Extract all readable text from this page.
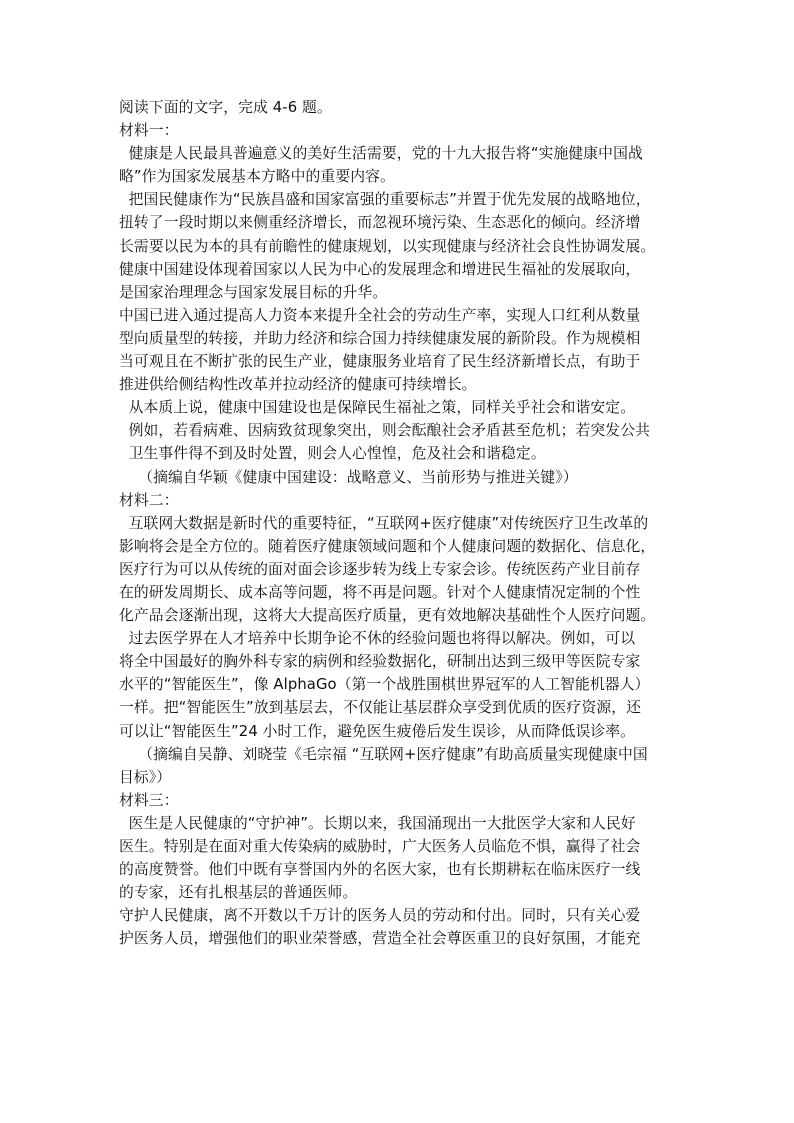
阅读下面的文字，完成 4-6 题。
材料一：
健康是人民最具普遍意义的美好生活需要，党的十九大报告将“实施健康中国战
略”作为国家发展基本方略中的重要内容。
把国民健康作为“民族昌盛和国家富强的重要标志”并置于优先发展的战略地位，
扭转了一段时期以来侧重经济增长，而忽视环境污染、生态恶化的倾向。经济增
长需要以民为本的具有前瞻性的健康规划，以实现健康与经济社会良性协调发展。
健康中国建设体现着国家以人民为中心的发展理念和增进民生福祉的发展取向，
是国家治理理念与国家发展目标的升华。
中国已进入通过提高人力资本来提升全社会的劳动生产率，实现人口红利从数量
型向质量型的转接，并助力经济和综合国力持续健康发展的新阶段。作为规模相
当可观且在不断扩张的民生产业，健康服务业培育了民生经济新增长点，有助于
推进供给侧结构性改革并拉动经济的健康可持续增长。
从本质上说，健康中国建设也是保障民生福祉之策，同样关乎社会和谐安定。
例如，若看病难、因病致贫现象突出，则会酝酿社会矛盾甚至危机；若突发公共
卫生事件得不到及时处置，则会人心惶惶，危及社会和谐稳定。
（摘编自华颖《健康中国建设：战略意义、当前形势与推进关键》）
材料二：
互联网大数据是新时代的重要特征，“互联网+医疗健康”对传统医疗卫生改革的
影响将会是全方位的。随着医疗健康领域问题和个人健康问题的数据化、信息化，
医疗行为可以从传统的面对面会诊逐步转为线上专家会诊。传统医药产业目前存
在的研发周期长、成本高等问题，将不再是问题。针对个人健康情况定制的个性
化产品会逐渐出现，这将大大提高医疗质量，更有效地解决基础性个人医疗问题。
过去医学界在人才培养中长期争论不休的经验问题也将得以解决。例如，可以
将全中国最好的胸外科专家的病例和经验数据化，研制出达到三级甲等医院专家
水平的“智能医生”，像 AlphaGo（第一个战胜围棋世界冠军的人工智能机器人）
一样。把“智能医生”放到基层去，不仅能让基层群众享受到优质的医疗资源，还
可以让“智能医生”24 小时工作，避免医生疲倦后发生误诊，从而降低误诊率。
（摘编自吴静、刘晓莹《毛宗福 “互联网+医疗健康”有助高质量实现健康中国
目标》）
材料三：
医生是人民健康的“守护神”。长期以来，我国涌现出一大批医学大家和人民好
医生。特别是在面对重大传染病的威胁时，广大医务人员临危不惧，赢得了社会
的高度赞誉。他们中既有享誉国内外的名医大家，也有长期耕耘在临床医疗一线
的专家，还有扎根基层的普通医师。
守护人民健康，离不开数以千万计的医务人员的劳动和付出。同时，只有关心爱
护医务人员，增强他们的职业荣誉感，营造全社会尊医重卫的良好氛围，才能充
